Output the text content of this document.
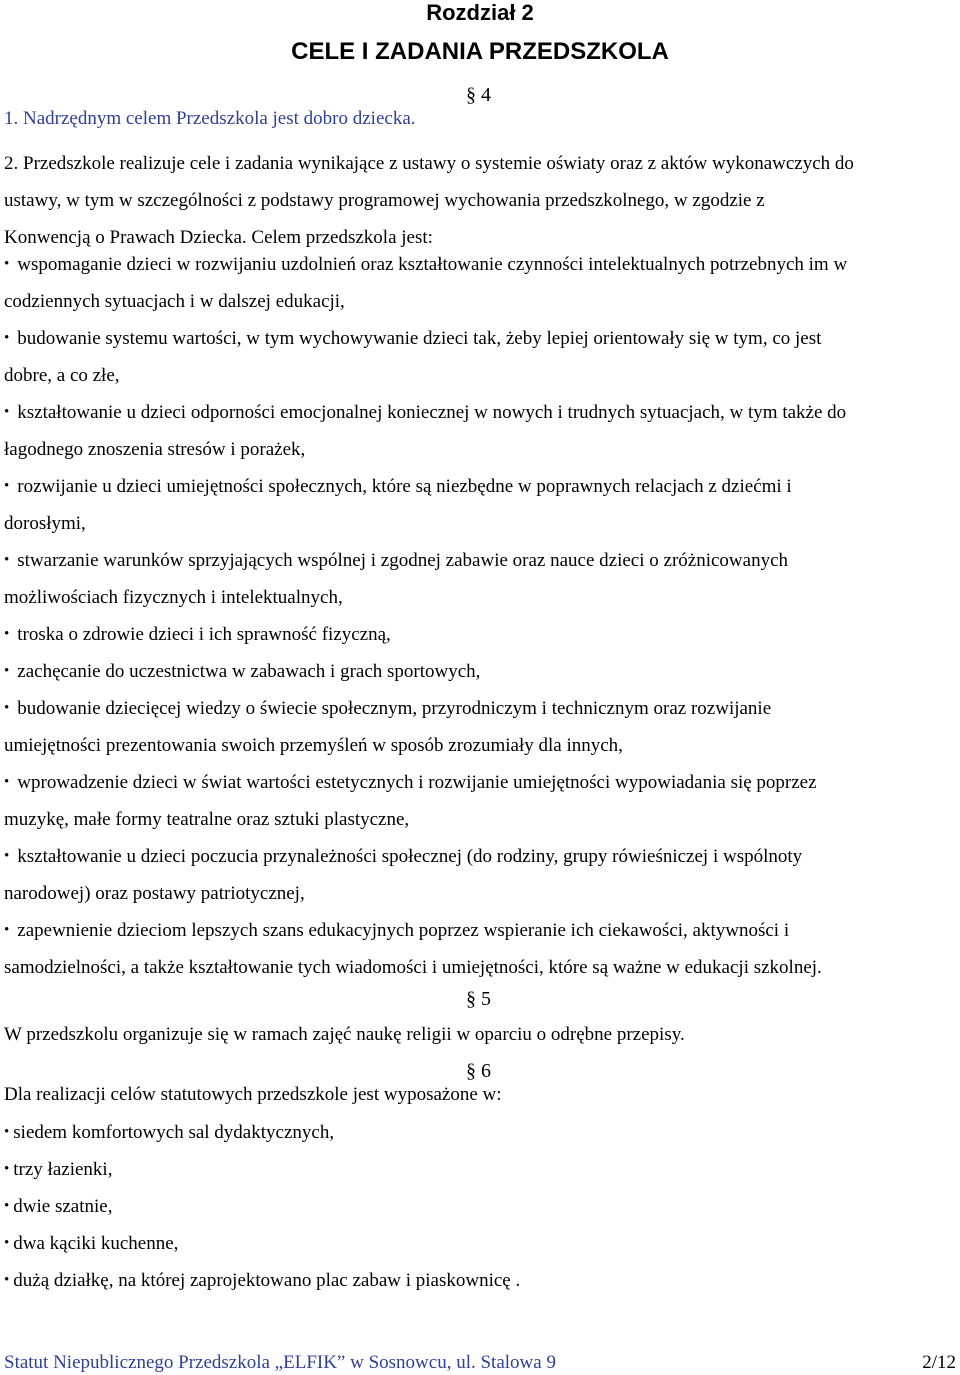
Rozdział 2
CELE I ZADANIA PRZEDSZKOLA
§ 4
1. Nadrzędnym celem Przedszkola jest dobro dziecka.
2. Przedszkole realizuje cele i zadania wynikające z ustawy o systemie oświaty oraz z aktów wykonawczych do
ustawy, w tym w szczególności z podstawy programowej wychowania przedszkolnego, w zgodzie z
Konwencją o Prawach Dziecka. Celem przedszkola jest:
• wspomaganie dzieci w rozwijaniu uzdolnień oraz kształtowanie czynności intelektualnych potrzebnych im w
codziennych sytuacjach i w dalszej edukacji,
• budowanie systemu wartości, w tym wychowywanie dzieci tak, żeby lepiej orientowały się w tym, co jest
dobre, a co złe,
• kształtowanie u dzieci odporności emocjonalnej koniecznej w nowych i trudnych sytuacjach, w tym także do
łagodnego znoszenia stresów i porażek,
• rozwijanie u dzieci umiejętności społecznych, które są niezbędne w poprawnych relacjach z dziećmi i
dorosłymi,
• stwarzanie warunków sprzyjających wspólnej i zgodnej zabawie oraz nauce dzieci o zróżnicowanych
możliwościach fizycznych i intelektualnych,
• troska o zdrowie dzieci i ich sprawność fizyczną,
• zachęcanie do uczestnictwa w zabawach i grach sportowych,
• budowanie dziecięcej wiedzy o świecie społecznym, przyrodniczym i technicznym oraz rozwijanie
umiejętności prezentowania swoich przemyśleń w sposób zrozumiały dla innych,
• wprowadzenie dzieci w świat wartości estetycznych i rozwijanie umiejętności wypowiadania się poprzez
muzykę, małe formy teatralne oraz sztuki plastyczne,
• kształtowanie u dzieci poczucia przynależności społecznej (do rodziny, grupy rówieśniczej i wspólnoty
narodowej) oraz postawy patriotycznej,
• zapewnienie dzieciom lepszych szans edukacyjnych poprzez wspieranie ich ciekawości, aktywności i
samodzielności, a także kształtowanie tych wiadomości i umiejętności, które są ważne w edukacji szkolnej.
§ 5
W przedszkolu organizuje się w ramach zajęć naukę religii w oparciu o odrębne przepisy.
§ 6
Dla realizacji celów statutowych przedszkole jest wyposażone w:
• siedem komfortowych sal dydaktycznych,
• trzy łazienki,
• dwie szatnie,
• dwa kąciki kuchenne,
• dużą działkę, na której zaprojektowano plac zabaw i piaskownicę .
Statut Niepublicznego Przedszkola „ELFIK” w Sosnowcu, ul. Stalowa 9	2/12
